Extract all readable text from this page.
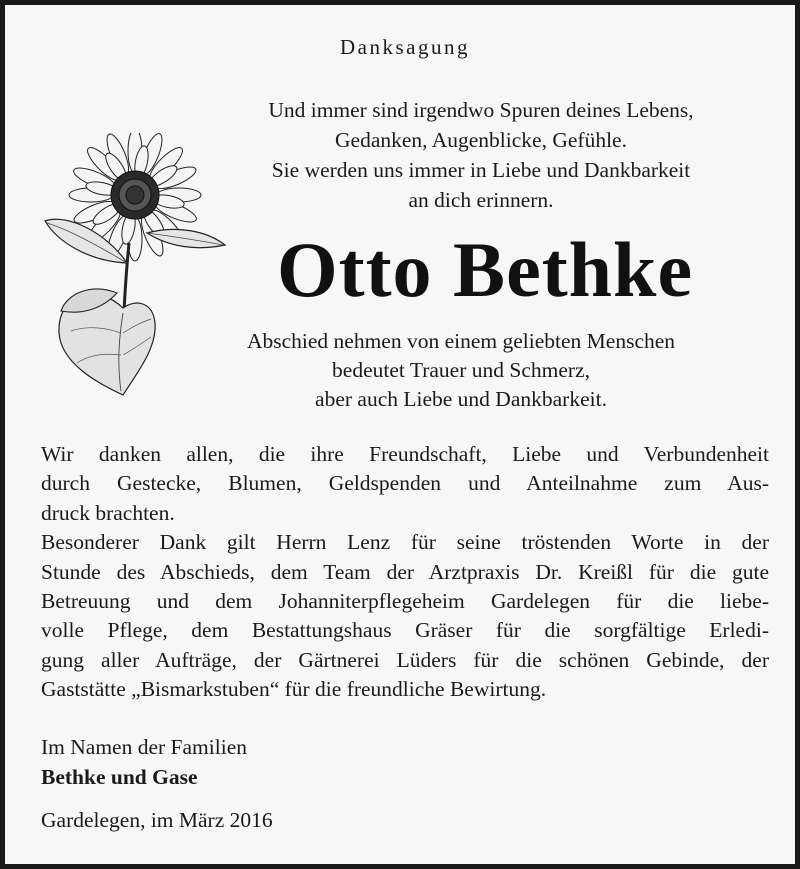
Danksagung
Und immer sind irgendwo Spuren deines Lebens,
Gedanken, Augenblicke, Gefühle.
Sie werden uns immer in Liebe und Dankbarkeit
an dich erinnern.
Otto Bethke
Abschied nehmen von einem geliebten Menschen
bedeutet Trauer und Schmerz,
aber auch Liebe und Dankbarkeit.
Wir danken allen, die ihre Freundschaft, Liebe und Verbundenheit
durch Gestecke, Blumen, Geldspenden und Anteilnahme zum Aus-
druck brachten.
Besonderer Dank gilt Herrn Lenz für seine tröstenden Worte in der
Stunde des Abschieds, dem Team der Arztpraxis Dr. Kreißl für die gute
Betreuung und dem Johanniterpflegeheim Gardelegen für die liebe-
volle Pflege, dem Bestattungshaus Gräser für die sorgfältige Erledi-
gung aller Aufträge, der Gärtnerei Lüders für die schönen Gebinde, der
Gaststätte „Bismarkstuben“ für die freundliche Bewirtung.
Im Namen der Familien
Bethke und Gase
Gardelegen, im März 2016
